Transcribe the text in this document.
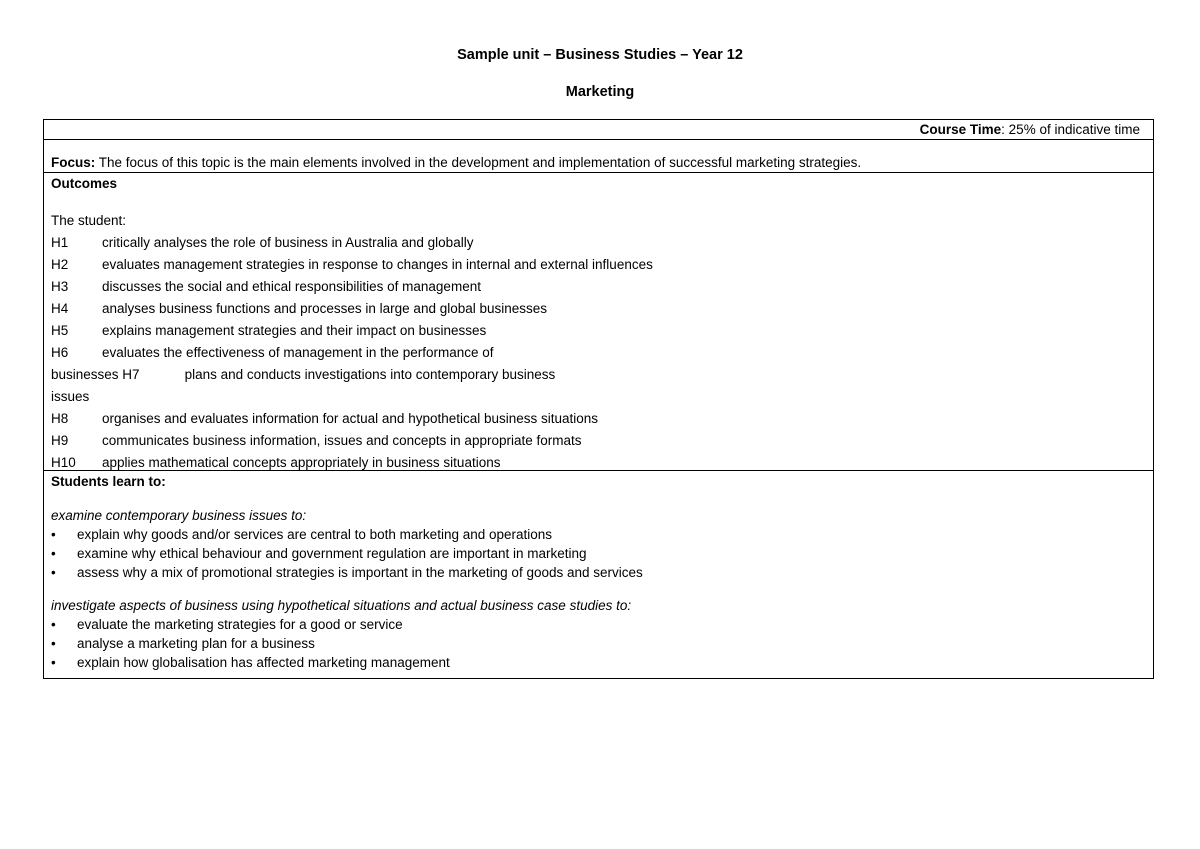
Sample unit – Business Studies – Year 12
Marketing
Course Time: 25% of indicative time
Focus: The focus of this topic is the main elements involved in the development and implementation of successful marketing strategies.
Outcomes
The student:
H1 critically analyses the role of business in Australia and globally
H2 evaluates management strategies in response to changes in internal and external influences
H3 discusses the social and ethical responsibilities of management
H4 analyses business functions and processes in large and global businesses
H5 explains management strategies and their impact on businesses
H6 evaluates the effectiveness of management in the performance of
businesses H7	plans and conducts investigations into contemporary business
issues
H8 organises and evaluates information for actual and hypothetical business situations
H9 communicates business information, issues and concepts in appropriate formats
H10 applies mathematical concepts appropriately in business situations
Students learn to:
examine contemporary business issues to:
• explain why goods and/or services are central to both marketing and operations
• examine why ethical behaviour and government regulation are important in marketing
• assess why a mix of promotional strategies is important in the marketing of goods and services
investigate aspects of business using hypothetical situations and actual business case studies to:
• evaluate the marketing strategies for a good or service
• analyse a marketing plan for a business
• explain how globalisation has affected marketing management
